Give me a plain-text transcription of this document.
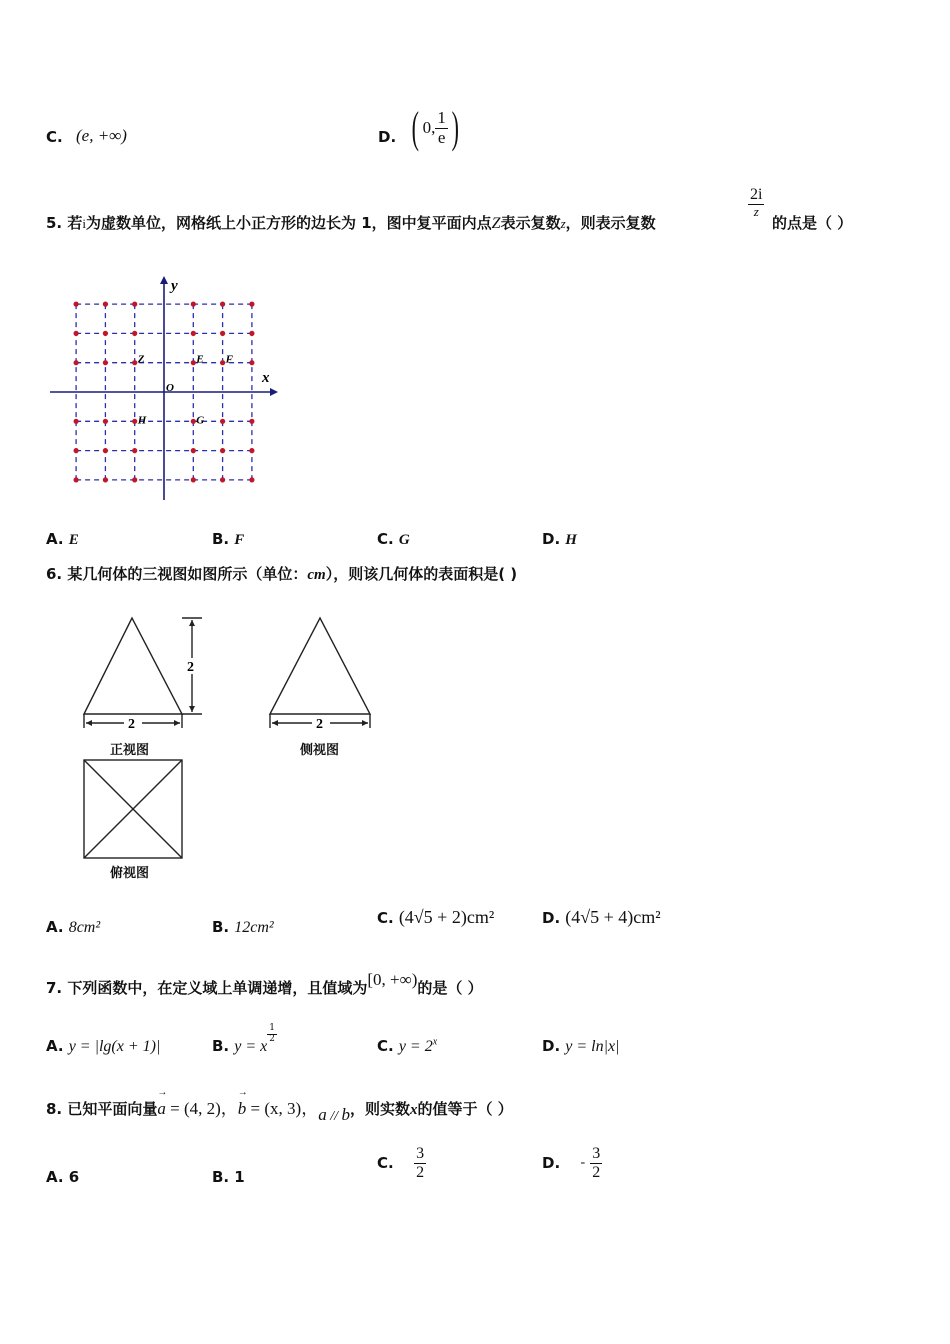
C. (e, +∞)	D. ( 0,
1
e )
5. 若i为虚数单位，网格纸上小正方形的边长为 1，图中复平面内点Z表示复数z，则表示复数
2i
z
的点是（ ）
x
y
O
Z	E F
G
H
A. E	B. F	C. G	D. H
6. 某几何体的三视图如图所示（单位：cm），则该几何体的表面积是( )
2
2
2
正视图	侧视图
俯视图
A. 8cm²	B. 12cm²
C. (4√5 + 2)cm²	D. (4√5 + 4)cm²
7. 下列函数中，在定义域上单调递增，且值域为[0, +∞)的是（ ）
A. y = |lg(x + 1)|	B. y = x
$\frac{1}{2}$
C. $y = 2^x$	D. y = ln|x|
8. 已知平面向量
→
a = (4, 2)，
→
b = (x, 3)，a // b，则实数x的值等于（ ）
A. 6	B. 1
C.

3
2	D.
-

3
2
